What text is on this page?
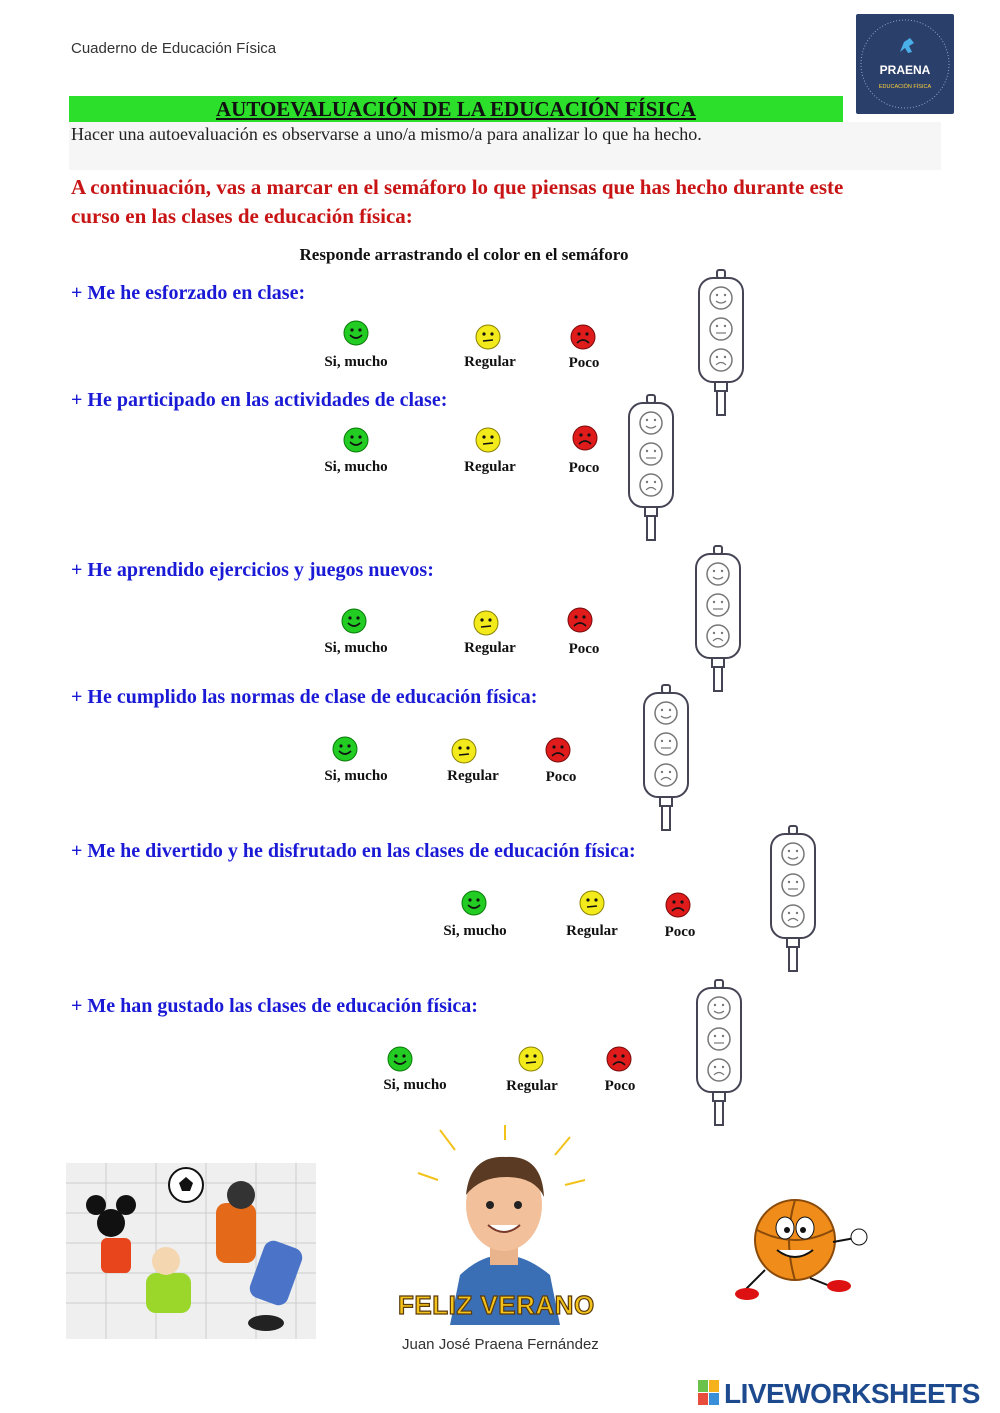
Cuaderno de Educación Física
PRAENA
EDUCACIÓN FÍSICA
AUTOEVALUACIÓN DE LA EDUCACIÓN FÍSICA
Hacer una autoevaluación es observarse a uno/a mismo/a para analizar lo que ha hecho.
A continuación, vas a marcar en el semáforo lo que piensas que has hecho durante este curso en las clases de educación física:
Responde arrastrando el color en el semáforo
+ Me he esforzado en clase:
Si, mucho	Regular	Poco
+ He participado en las actividades de clase:
Si, mucho	Regular	Poco
+ He aprendido ejercicios y juegos nuevos:
Si, mucho	Regular	Poco
+ He cumplido las normas de clase de educación física:
Si, mucho	Regular	Poco
+ Me he divertido y he disfrutado en las clases de educación física:
Si, mucho	Regular	Poco
+ Me han gustado las clases de educación física:
Si, mucho	Regular	Poco
FELIZ VERANO
Juan José Praena Fernández
LIVEWORKSHEETS
